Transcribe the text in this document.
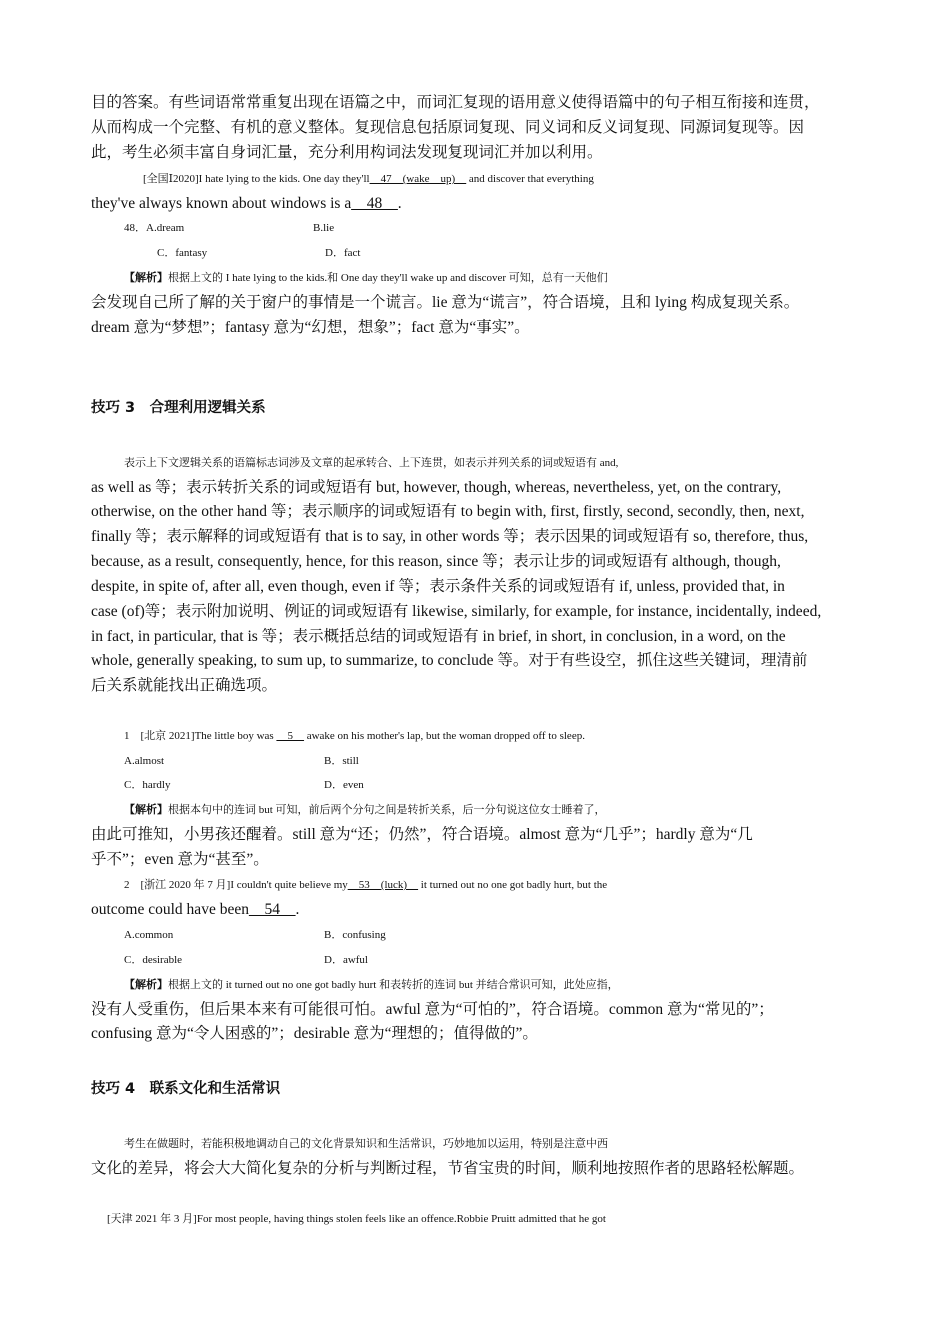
目的答案。有些词语常常重复出现在语篇之中，而词汇复现的语用意义使得语篇中的句子相互衔接和连贯，
从而构成一个完整、有机的意义整体。复现信息包括原词复现、同义词和反义词复现、同源词复现等。因
此，考生必须丰富自身词汇量，充分利用构词法发现复现词汇并加以利用。
[全国Ⅰ2020]I hate lying to the kids. One day they'll__47__(wake__up)__ and discover that everything
they've always known about windows is a__48__.
48．A.dream	B.lie
C．fantasy	D．fact
【解析】根据上文的 I hate lying to the kids.和 One day they'll wake up and discover 可知，总有一天他们
会发现自己所了解的关于窗户的事情是一个谎言。lie 意为“谎言”，符合语境，且和 lying 构成复现关系。
dream 意为“梦想”；fantasy 意为“幻想，想象”；fact 意为“事实”。
技巧 3　合理利用逻辑关系
表示上下文逻辑关系的语篇标志词涉及文章的起承转合、上下连贯，如表示并列关系的词或短语有 and,
as well as 等；表示转折关系的词或短语有 but, however, though, whereas, nevertheless, yet, on the contrary,
otherwise, on the other hand 等；表示顺序的词或短语有 to begin with, first, firstly, second, secondly, then, next,
finally 等；表示解释的词或短语有 that is to say, in other words 等；表示因果的词或短语有 so, therefore, thus,
because, as a result, consequently, hence, for this reason, since 等；表示让步的词或短语有 although, though,
despite, in spite of, after all, even though, even if 等；表示条件关系的词或短语有 if, unless, provided that, in
case (of)等；表示附加说明、例证的词或短语有 likewise, similarly, for example, for instance, incidentally, indeed,
in fact, in particular, that is 等；表示概括总结的词或短语有 in brief, in short, in conclusion, in a word, on the
whole, generally speaking, to sum up, to summarize, to conclude 等。对于有些设空，抓住这些关键词，理清前
后关系就能找出正确选项。
1　[北京 2021]The little boy was __5__ awake on his mother's lap, but the woman dropped off to sleep.
A.almost	B．still
C．hardly	D．even
【解析】根据本句中的连词 but 可知，前后两个分句之间是转折关系，后一分句说这位女士睡着了，
由此可推知，小男孩还醒着。still 意为“还；仍然”，符合语境。almost 意为“几乎”；hardly 意为“几
乎不”；even 意为“甚至”。
2　[浙江 2020 年 7 月]I couldn't quite believe my__53__(luck)__ it turned out no one got badly hurt, but the
outcome could have been__54__.
A.common	B．confusing
C．desirable	D．awful
【解析】根据上文的 it turned out no one got badly hurt 和表转折的连词 but 并结合常识可知，此处应指，
没有人受重伤，但后果本来有可能很可怕。awful 意为“可怕的”，符合语境。common 意为“常见的”；
confusing 意为“令人困惑的”；desirable 意为“理想的；值得做的”。
技巧 4　联系文化和生活常识
考生在做题时，若能积极地调动自己的文化背景知识和生活常识，巧妙地加以运用，特别是注意中西
文化的差异，将会大大简化复杂的分析与判断过程，节省宝贵的时间，顺利地按照作者的思路轻松解题。
[天津 2021 年 3 月]For most people, having things stolen feels like an offence.Robbie Pruitt admitted that he got
